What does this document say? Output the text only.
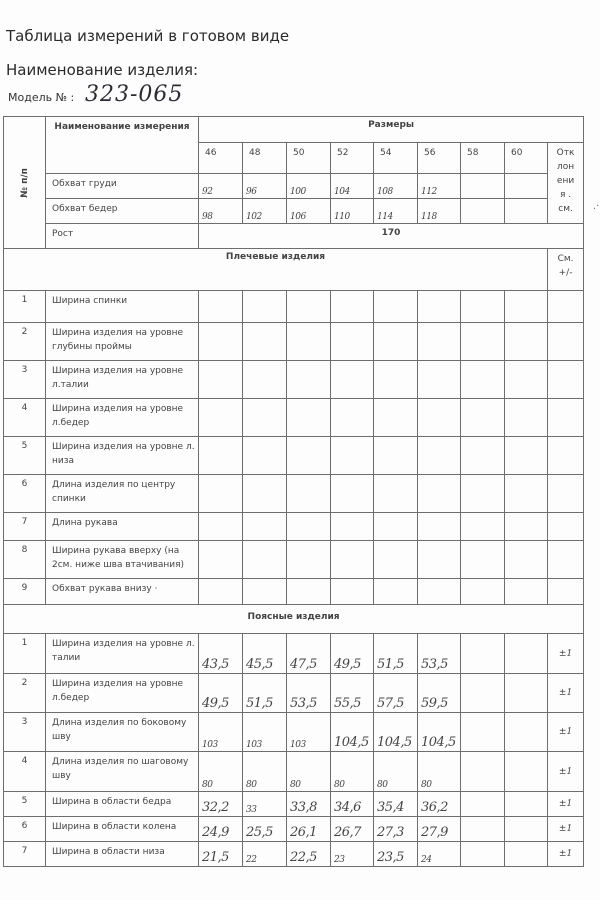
Таблица измерений в готовом виде
Наименование изделия:
Модель № : 323-065
.·
№ п/п	Наименование измерения	Размеры								
		46	48	50	52	54	56	58	60	Отк
лон
ени
я .
см.

	Обхват груди	92	96	100	104	108	112			
	Обхват бедер	98	102	106	110	114	118			
	Рост	170								
Плечевые изделия										См.
+/-

1	Ширина спинки									
2	Ширина изделия на уровне глубины проймы									
3	Ширина изделия на уровне л.талии									
4	Ширина изделия на уровне л.бедер									
5	Ширина изделия на уровне л. низа									
6	Длина изделия по центру спинки									
7	Длина рукава									
8	Ширина рукава вверху (на 2см. ниже шва втачивания)									
9	Обхват рукава внизу ·									
Поясные изделия										
1	Ширина изделия на уровне л. талии	43,5	45,5	47,5	49,5	51,5	53,5			±1
2	Ширина изделия на уровне л.бедер	49,5	51,5	53,5	55,5	57,5	59,5			±1
3	Длина изделия по боковому шву	103	103	103	104,5	104,5	104,5			±1
4	Длина изделия по шаговому шву	80	80	80	80	80	80			±1
5	Ширина в области бедра	32,2	33	33,8	34,6	35,4	36,2			±1
6	Ширина в области колена	24,9	25,5	26,1	26,7	27,3	27,9			±1
7	Ширина в области низа	21,5	22	22,5	23	23,5	24			±1
